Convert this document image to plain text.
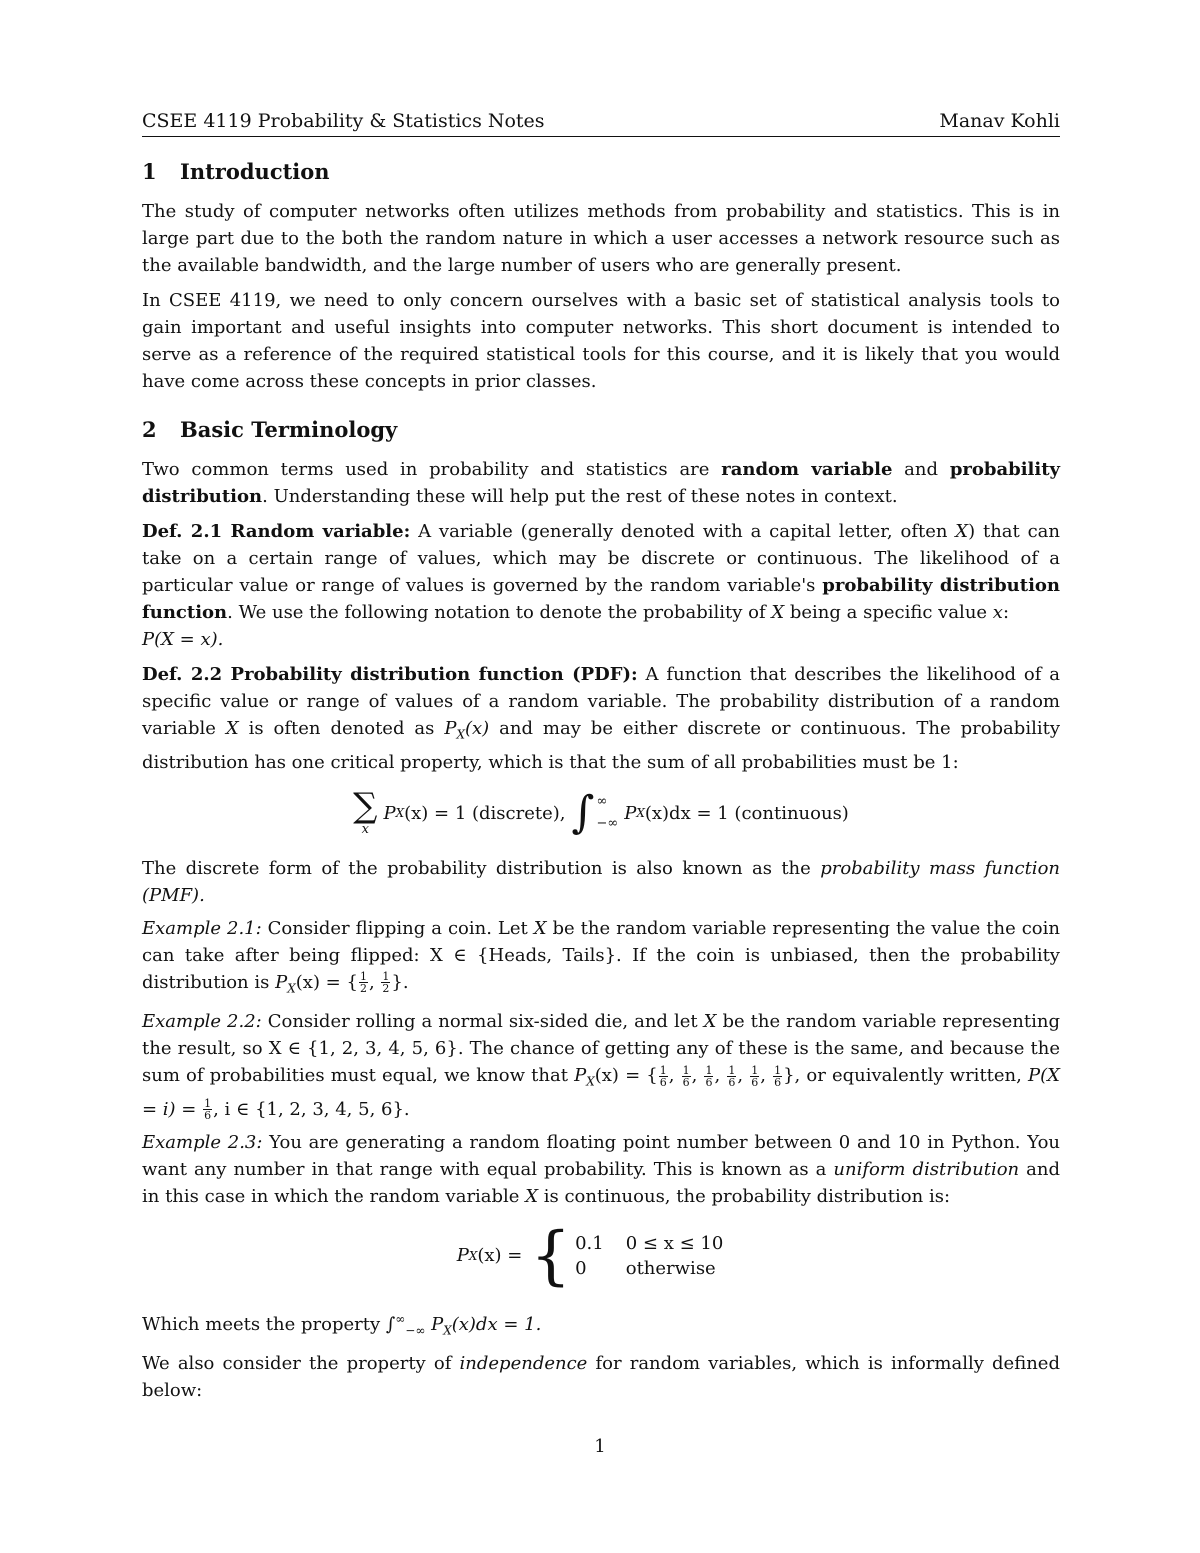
CSEE 4119 Probability & Statistics Notes	Manav Kohli
1 Introduction

The study of computer networks often utilizes methods from probability and statistics. This is in large part due to the both the random nature in which a user accesses a network resource such as the available bandwidth, and the large number of users who are generally present.

In CSEE 4119, we need to only concern ourselves with a basic set of statistical analysis tools to gain important and useful insights into computer networks. This short document is intended to serve as a reference of the required statistical tools for this course, and it is likely that you would have come across these concepts in prior classes.

2 Basic Terminology

Two common terms used in probability and statistics are random variable and probability distribution. Understanding these will help put the rest of these notes in context.

Def. 2.1 Random variable: A variable (generally denoted with a capital letter, often X) that can take on a certain range of values, which may be discrete or continuous. The likelihood of a particular value or range of values is governed by the random variable's probability distribution function. We use the following notation to denote the probability of X being a specific value x:
P(X = x).

Def. 2.2 Probability distribution function (PDF): A function that describes the likelihood of a specific value or range of values of a random variable. The probability distribution of a random variable X is often denoted as $P_X(x)$ and may be either discrete or continuous. The probability distribution has one critical property, which is that the sum of all probabilities must be 1:

∑
x
P X (x) = 1 (discrete), ∫ ∞
−∞ P X (x)dx = 1 (continuous)

The discrete form of the probability distribution is also known as the probability mass function (PMF).

Example 2.1: Consider flipping a coin. Let X be the random variable representing the value the coin can take after being flipped: X ∈ {Heads, Tails}. If the coin is unbiased, then the probability distribution is $P_X(x)$ = { $\frac{1}{2}$ , $\frac{1}{2}$ }.

Example 2.2: Consider rolling a normal six-sided die, and let X be the random variable representing the result, so X ∈ {1, 2, 3, 4, 5, 6}. The chance of getting any of these is the same, and because the sum of probabilities must equal, we know that $P_X(x)$ = { $\frac{1}{6}$ , $\frac{1}{6}$ , $\frac{1}{6}$ , $\frac{1}{6}$ , $\frac{1}{6}$ , $\frac{1}{6}$ }, or equivalently written, $P(X = i) = \frac{1}{6}$ , i ∈ {1, 2, 3, 4, 5, 6}.

Example 2.3: You are generating a random floating point number between 0 and 10 in Python. You want any number in that range with equal probability. This is known as a uniform distribution and in this case in which the random variable X is continuous, the probability distribution is:

P X (x) = { 0.1	0 ≤ x ≤ 10
0	otherwise

Which meets the property $\int^\infty_{-\infty}$ $P_X(x)dx = 1$.

We also consider the property of independence for random variables, which is informally defined below:

1
